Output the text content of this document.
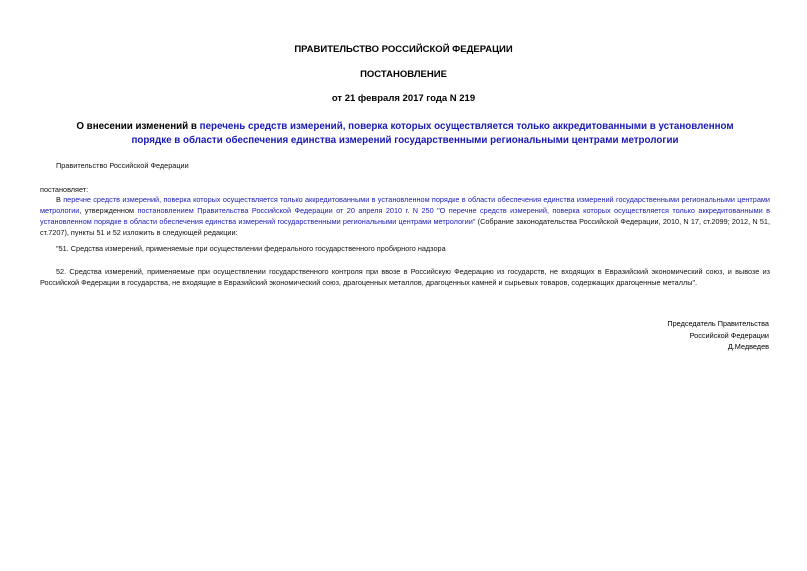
ПРАВИТЕЛЬСТВО РОССИЙСКОЙ ФЕДЕРАЦИИ
ПОСТАНОВЛЕНИЕ
от 21 февраля 2017 года N 219
О внесении изменений в перечень средств измерений, поверка которых осуществляется только аккредитованными в установленном порядке в области обеспечения единства измерений государственными региональными центрами метрологии
Правительство Российской Федерации
постановляет:
В перечне средств измерений, поверка которых осуществляется только аккредитованными в установленном порядке в области обеспечения единства измерений государственными региональными центрами метрологии, утвержденном постановлением Правительства Российской Федерации от 20 апреля 2010 г. N 250 "О перечне средств измерений, поверка которых осуществляется только аккредитованными в установленном порядке в области обеспечения единства измерений государственными региональными центрами метрологии" (Собрание законодательства Российской Федерации, 2010, N 17, ст.2099; 2012, N 51, ст.7207), пункты 51 и 52 изложить в следующей редакции:
"51. Средства измерений, применяемые при осуществлении федерального государственного пробирного надзора
52. Средства измерений, применяемые при осуществлении государственного контроля при ввозе в Российскую Федерацию из государств, не входящих в Евразийский экономический союз, и вывозе из Российской Федерации в государства, не входящие в Евразийский экономический союз, драгоценных металлов, драгоценных камней и сырьевых товаров, содержащих драгоценные металлы".
Председатель Правительства
Российской Федерации
Д.Медведев
